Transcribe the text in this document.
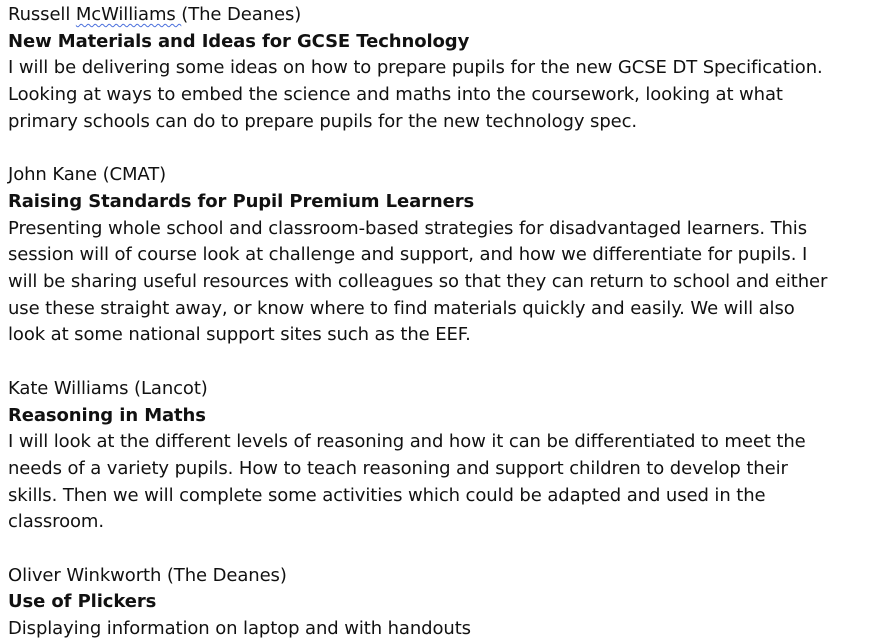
Russell McWilliams (The Deanes)
New Materials and Ideas for GCSE Technology
I will be delivering some ideas on how to prepare pupils for the new GCSE DT Specification.
Looking at ways to embed the science and maths into the coursework, looking at what
primary schools can do to prepare pupils for the new technology spec.
John Kane (CMAT)
Raising Standards for Pupil Premium Learners
Presenting whole school and classroom-based strategies for disadvantaged learners. This
session will of course look at challenge and support, and how we differentiate for pupils. I
will be sharing useful resources with colleagues so that they can return to school and either
use these straight away, or know where to find materials quickly and easily. We will also
look at some national support sites such as the EEF.
Kate Williams (Lancot)
Reasoning in Maths
I will look at the different levels of reasoning and how it can be differentiated to meet the
needs of a variety pupils. How to teach reasoning and support children to develop their
skills. Then we will complete some activities which could be adapted and used in the
classroom.
Oliver Winkworth (The Deanes)
Use of Plickers
Displaying information on laptop and with handouts
